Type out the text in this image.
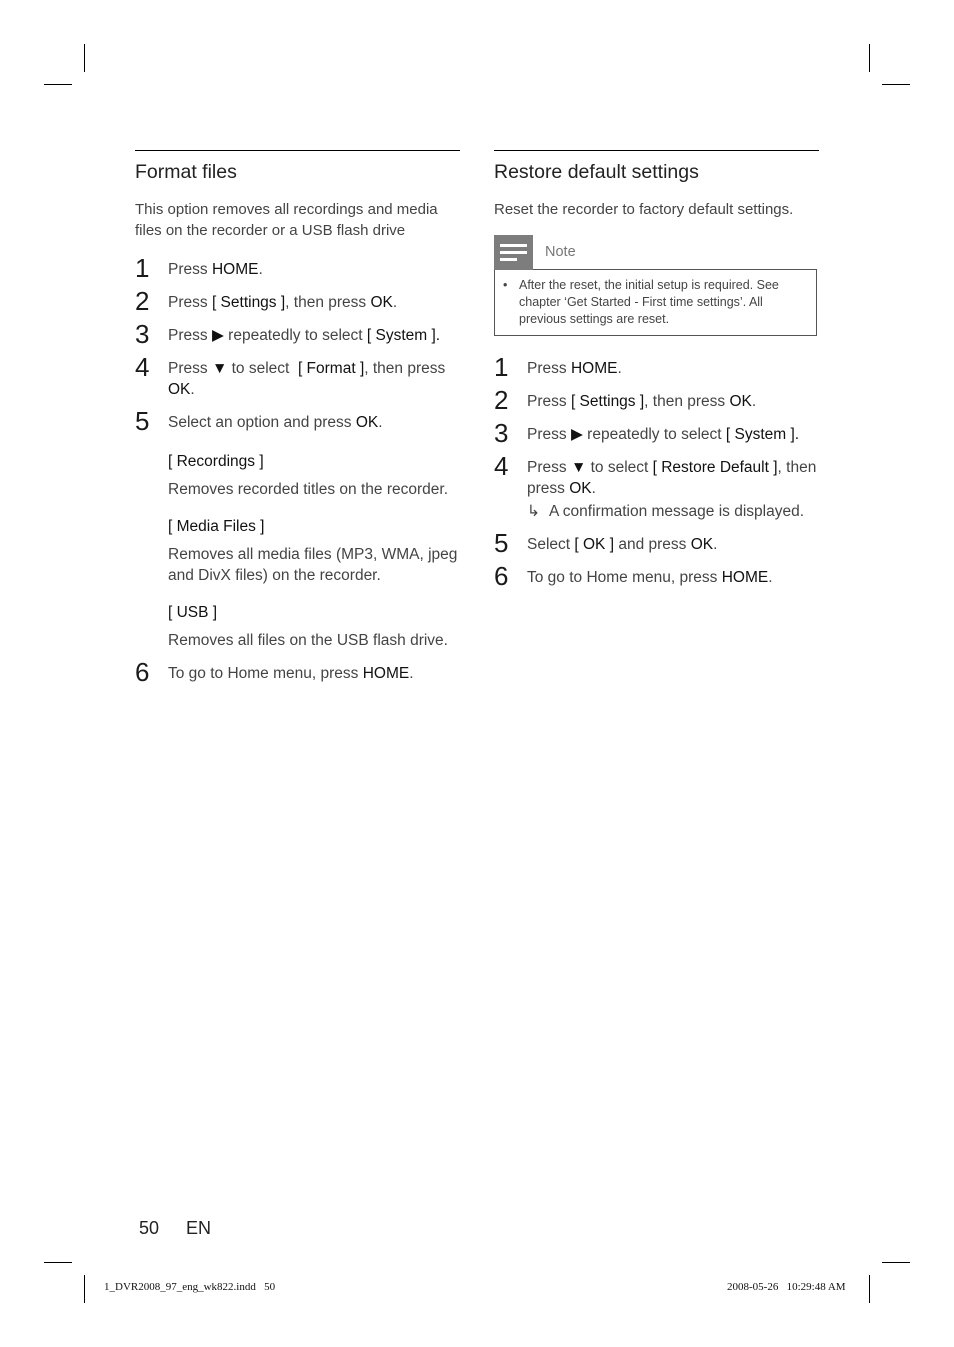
Format files

This option removes all recordings and media files on the recorder or a USB flash drive

1 Press HOME.
2 Press [ Settings ], then press OK.
3 Press ▶ repeatedly to select [ System ].
4 Press ▼ to select  [ Format ], then press OK.
5 Select an option and press OK.
[ Recordings ]
Removes recorded titles on the recorder.
[ Media Files ]
Removes all media files (MP3, WMA, jpeg and DivX files) on the recorder.
[ USB ]
Removes all files on the USB flash drive.
6 To go to Home menu, press HOME.
Restore default settings

Reset the recorder to factory default settings.

Note
• After the reset, the initial setup is required. See chapter ‘Get Started - First time settings’. All previous settings are reset.
1 Press HOME.
2 Press [ Settings ], then press OK.
3 Press ▶ repeatedly to select [ System ].
4 Press ▼ to select [ Restore Default ], then press OK.
↳ A confirmation message is displayed.
5 Select [ OK ] and press OK.
6 To go to Home menu, press HOME.
50 EN
1_DVR2008_97_eng_wk822.indd   50	2008-05-26   10:29:48 AM
